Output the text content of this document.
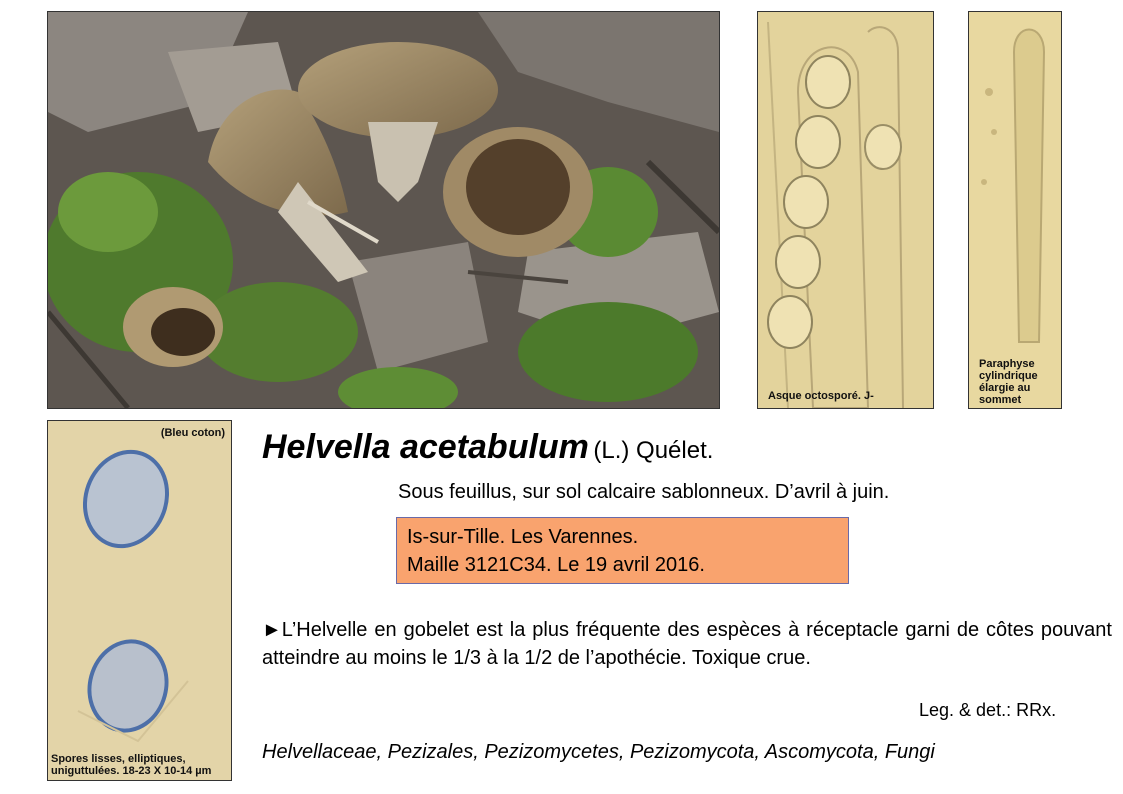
Asque octosporé. J-
Paraphyse cylindrique élargie au sommet
(Bleu coton)
Spores lisses, elliptiques, uniguttulées. 18-23 X 10-14 µm
Helvella acetabulum (L.) Quélet.
Sous feuillus, sur sol calcaire sablonneux. D’avril à juin.
Is-sur-Tille. Les Varennes.
Maille 3121C34. Le 19 avril 2016.
►L’Helvelle en gobelet est la plus fréquente des espèces à réceptacle garni de côtes pouvant atteindre au moins le 1/3 à la 1/2 de l’apothécie. Toxique crue.
Leg. & det.: RRx.
Helvellaceae, Pezizales, Pezizomycetes, Pezizomycota, Ascomycota, Fungi
